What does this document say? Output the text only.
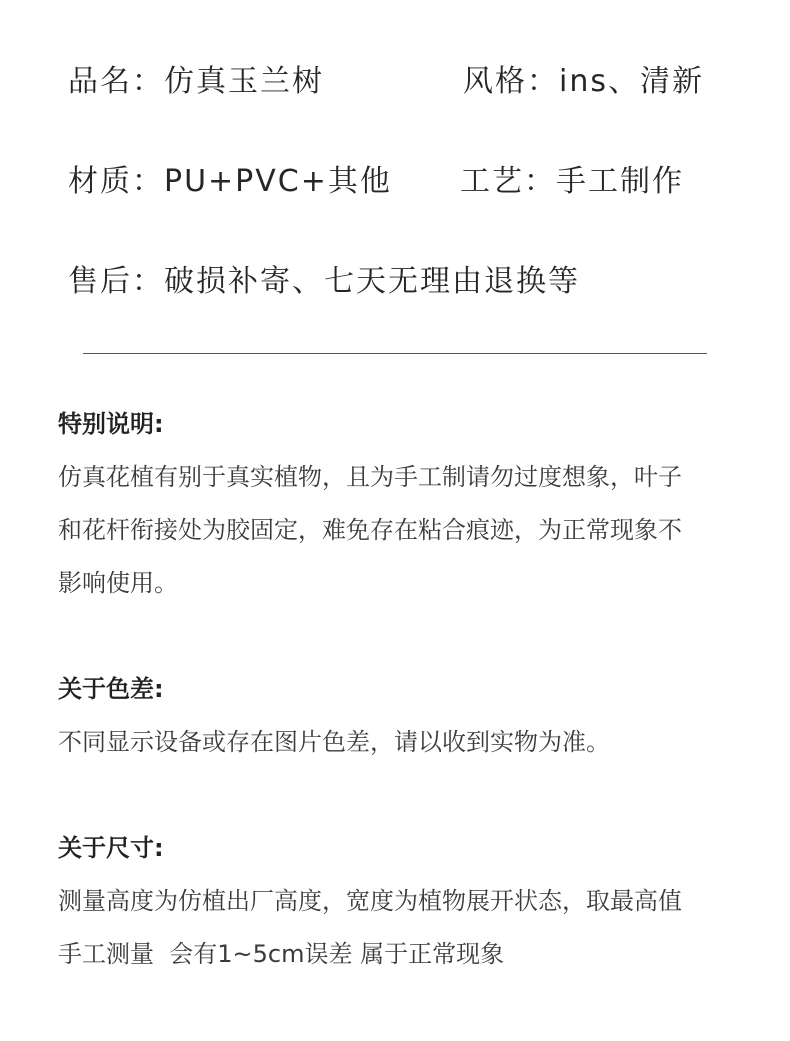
品名：仿真玉兰树	风格：ins、清新
材质：PU+PVC+其他 工艺：手工制作
售后：破损补寄、七天无理由退换等
特别说明:
仿真花植有别于真实植物，且为手工制请勿过度想象，叶子
和花杆衔接处为胶固定，难免存在粘合痕迹，为正常现象不
影响使用。
关于色差:
不同显示设备或存在图片色差，请以收到实物为准。
关于尺寸:
测量高度为仿植出厂高度，宽度为植物展开状态，取最高值
手工测量  会有1~5cm误差 属于正常现象
